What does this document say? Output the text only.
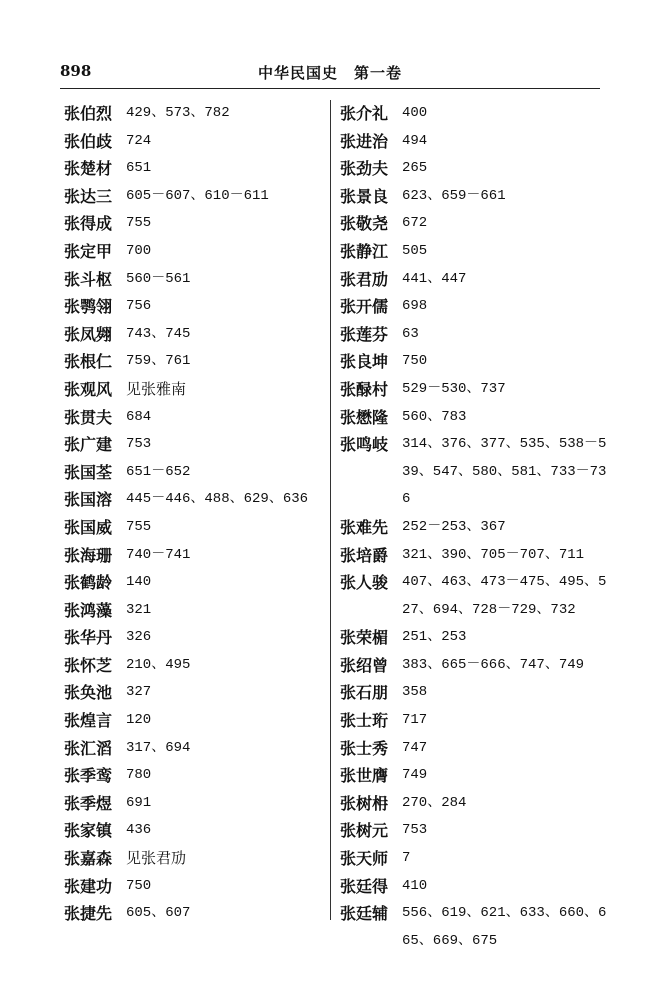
898	中华民国史　第一卷
张伯烈 429、573、782
张伯歧 724
张楚材 651
张达三 605－607、610－611
张得成 755
张定甲 700
张斗枢 560－561
张鹗翎 756
张凤翙 743、745
张根仁 759、761
张观风 见张雅南
张贯夫 684
张广建 753
张国荃 651－652
张国溶 445－446、488、629、636
张国威 755
张海珊 740－741
张鹤龄 140
张鸿藻 321
张华丹 326
张怀芝 210、495
张奂池 327
张煌言 120
张汇滔 317、694
张季鸾 780
张季煜 691
张家镇 436
张嘉森 见张君劢
张建功 750
张捷先 605、607
张介礼 400
张进治 494
张劲夫 265
张景良 623、659－661
张敬尧 672
张静江 505
张君劢 441、447
张开儒 698
张莲芬 63
张良坤 750
张醁村 529－530、737
张懋隆 560、783
张鸣岐 314、376、377、535、538－539、547、580、581、733－736
张难先 252－253、367
张培爵 321、390、705－707、711
张人骏 407、463、473－475、495、527、694、728－729、732
张荣楣 251、253
张绍曾 383、665－666、747、749
张石朋 358
张士珩 717
张士秀 747
张世膺 749
张树枏 270、284
张树元 753
张天师 7
张廷得 410
张廷辅 556、619、621、633、660、665、669、675
